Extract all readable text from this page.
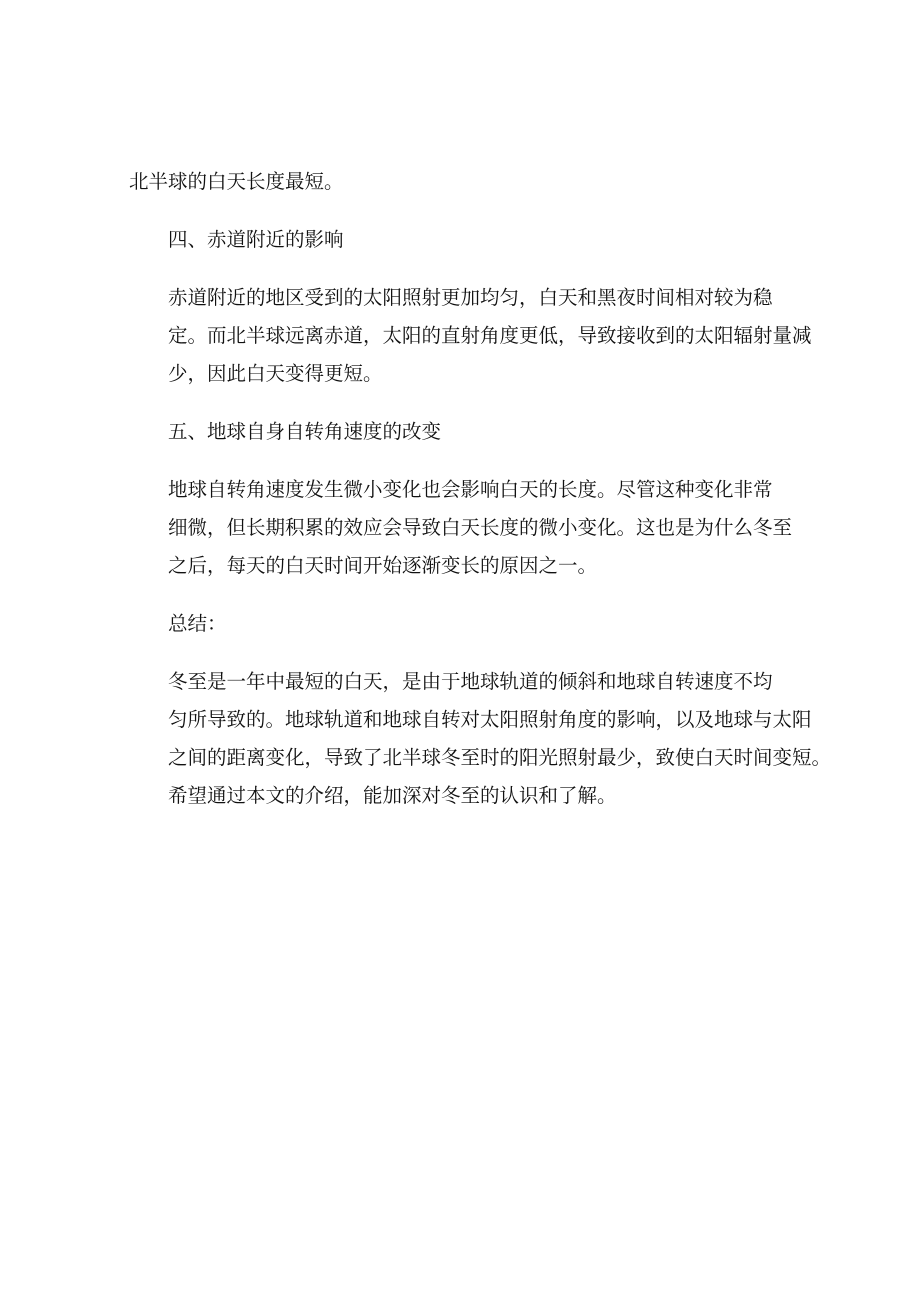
北半球的白天长度最短。

四、赤道附近的影响

赤道附近的地区受到的太阳照射更加均匀，白天和黑夜时间相对较为稳
定。而北半球远离赤道，太阳的直射角度更低，导致接收到的太阳辐射量减
少，因此白天变得更短。

五、地球自身自转角速度的改变

地球自转角速度发生微小变化也会影响白天的长度。尽管这种变化非常
细微，但长期积累的效应会导致白天长度的微小变化。这也是为什么冬至
之后，每天的白天时间开始逐渐变长的原因之一。

总结：

冬至是一年中最短的白天，是由于地球轨道的倾斜和地球自转速度不均
匀所导致的。地球轨道和地球自转对太阳照射角度的影响，以及地球与太阳
之间的距离变化，导致了北半球冬至时的阳光照射最少，致使白天时间变短。
希望通过本文的介绍，能加深对冬至的认识和了解。
